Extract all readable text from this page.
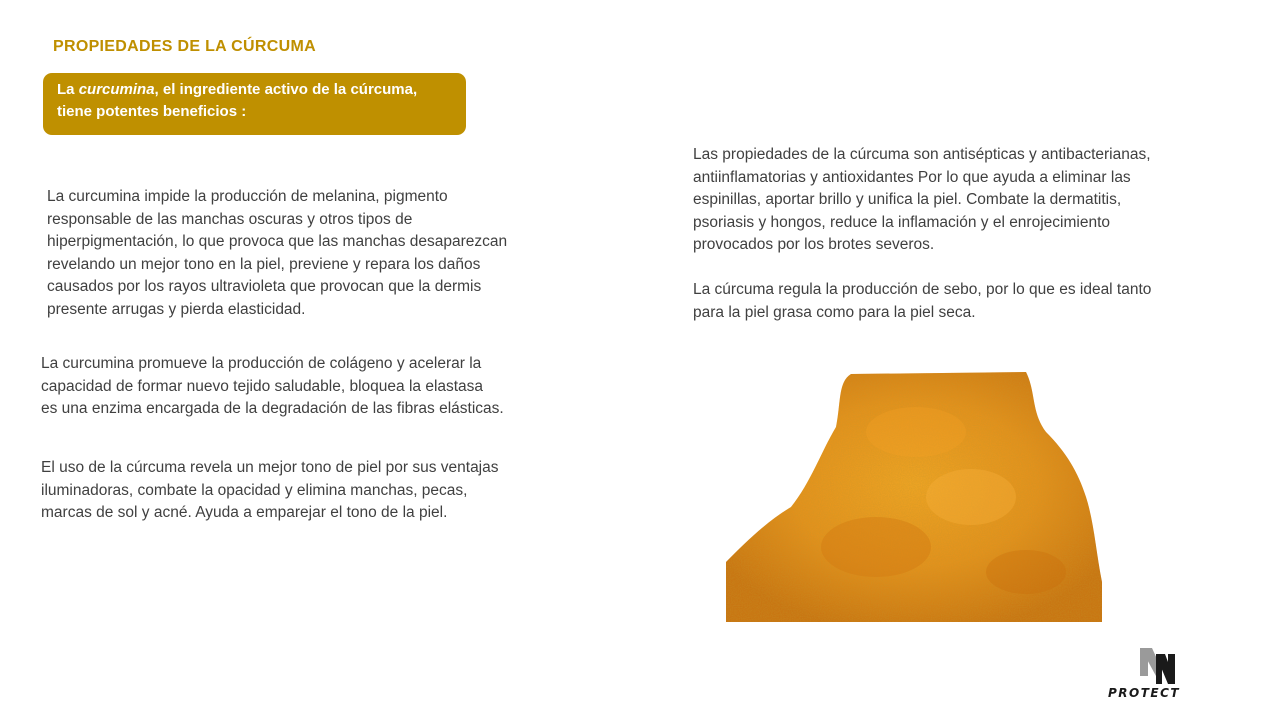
PROPIEDADES DE LA CÚRCUMA
La curcumina, el ingrediente activo de la cúrcuma,
tiene potentes beneficios :
La curcumina impide la producción de melanina, pigmento
responsable de las manchas oscuras y otros tipos de
hiperpigmentación, lo que provoca que las manchas desaparezcan
revelando un mejor tono en la piel, previene y repara los daños
causados por los rayos ultravioleta que provocan que la dermis
presente arrugas y pierda elasticidad.
La curcumina promueve la producción de colágeno y acelerar la
capacidad de formar nuevo tejido saludable, bloquea la elastasa
es una enzima encargada de la degradación de las fibras elásticas.
El uso de la cúrcuma revela un mejor tono de piel por sus ventajas
iluminadoras, combate la opacidad y elimina manchas, pecas,
marcas de sol y acné. Ayuda a emparejar el tono de la piel.
Las propiedades de la cúrcuma son antisépticas y antibacterianas,
antiinflamatorias y antioxidantes Por lo que ayuda a eliminar las
espinillas, aportar brillo y unifica la piel. Combate la dermatitis,
psoriasis y hongos, reduce la inflamación y el enrojecimiento
provocados por los brotes severos.
La cúrcuma regula la producción de sebo, por lo que es ideal tanto
para la piel grasa como para la piel seca.
PROTECT
